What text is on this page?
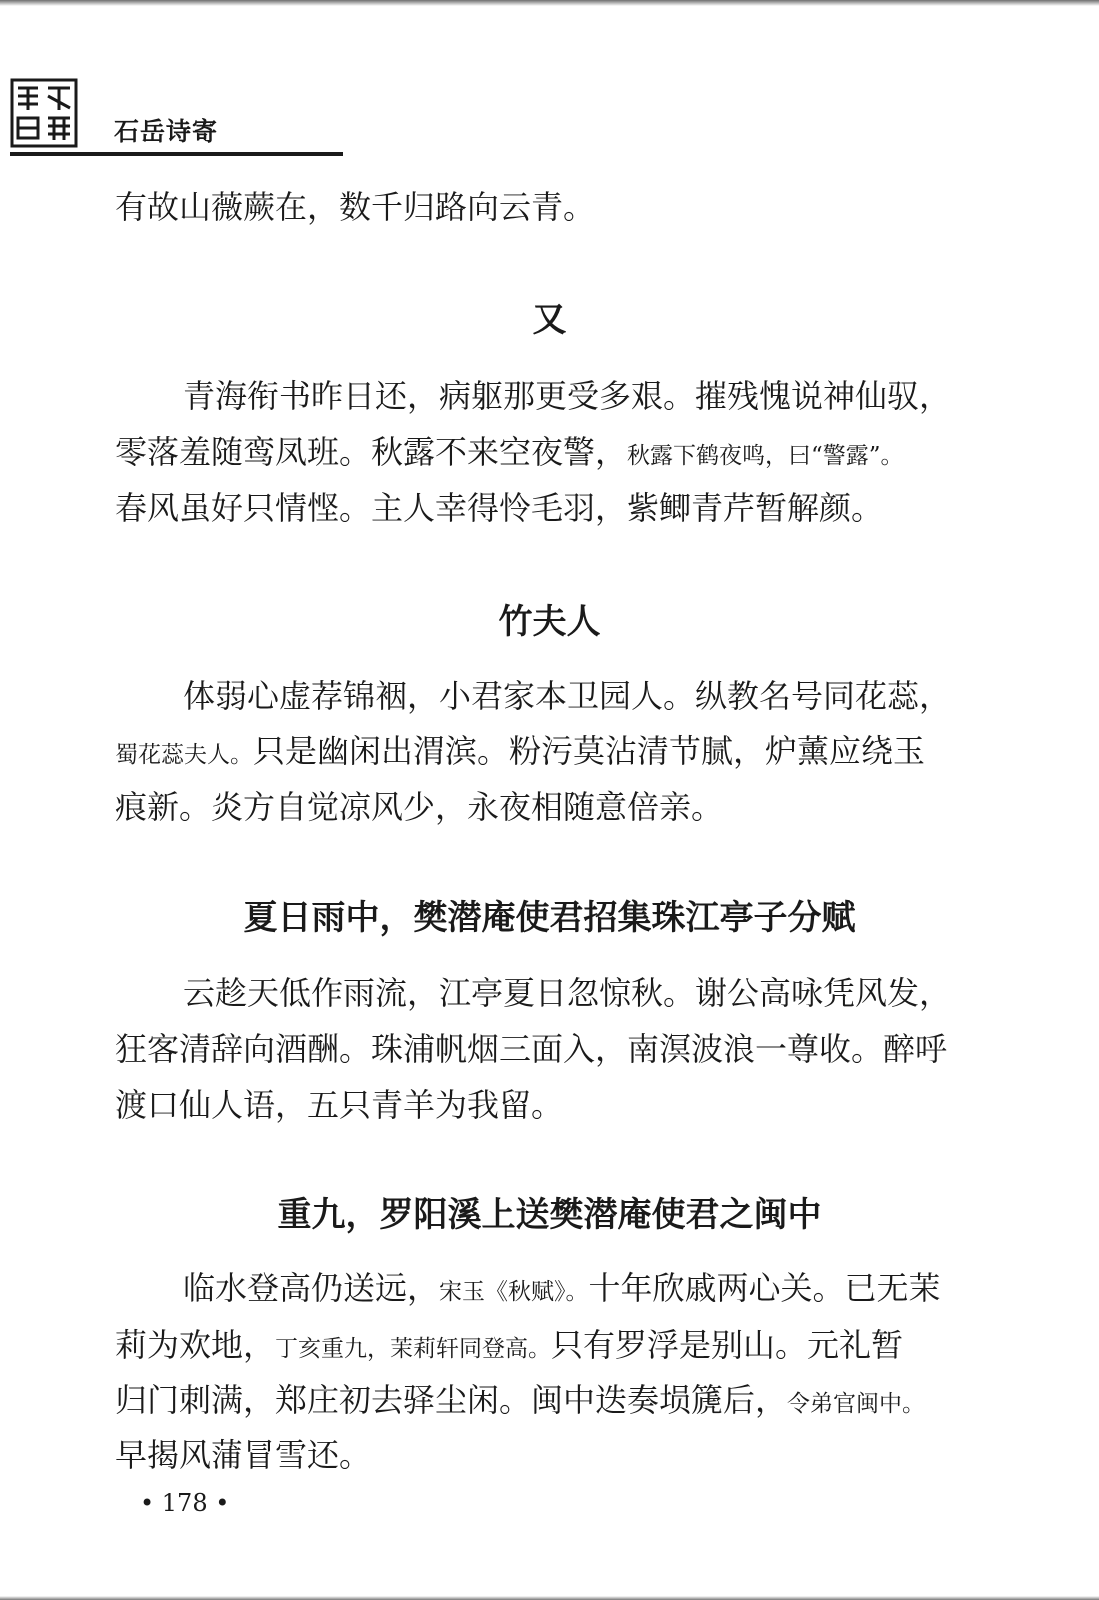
石岳诗寄
有故山薇蕨在，数千归路向云青。
又
青海衔书昨日还，病躯那更受多艰。摧残愧说神仙驭，
零落羞随鸾凤班。秋露不来空夜警，秋露下鹤夜鸣，曰“警露”。
春风虽好只情悭。主人幸得怜毛羽，紫鲫青芹暂解颜。
竹夫人
体弱心虚荐锦裀，小君家本卫园人。纵教名号同花蕊，
蜀花蕊夫人。只是幽闲出渭滨。粉污莫沾清节腻，炉薰应绕玉
痕新。炎方自觉凉风少，永夜相随意倍亲。
夏日雨中，樊潜庵使君招集珠江亭子分赋
云趁天低作雨流，江亭夏日忽惊秋。谢公高咏凭风发，
狂客清辞向酒酬。珠浦帆烟三面入，南溟波浪一尊收。醉呼
渡口仙人语，五只青羊为我留。
重九，罗阳溪上送樊潜庵使君之闽中
临水登高仍送远，宋玉《秋赋》。十年欣戚两心关。已无茉
莉为欢地，丁亥重九，茉莉轩同登高。只有罗浮是别山。元礼暂
归门刺满，郑庄初去驿尘闲。闽中迭奏埙篪后，令弟官闽中。
早揭风蒲冒雪还。
• 178 •
